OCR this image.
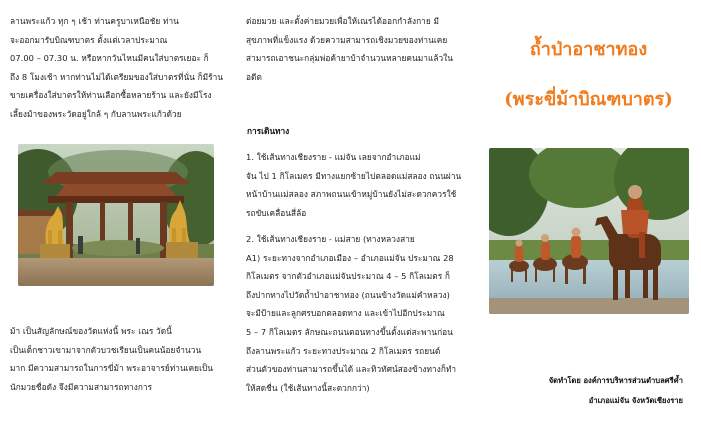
ลานพระแก้ว ทุก ๆ เช้า ท่านครูบาเหนือชัย ท่าน
จะออกมารับบิณฑบาตร ตั้งแต่เวลาประมาณ
07.00 – 07.30 น. หรือหากวันไหนมีคนใส่บาตรเยอะ ก็
ถึง 8 โมงเช้า หากท่านไม่ได้เตรียมของใส่บาตรที่นั่น ก็มีร้าน
ขายเครื่องใส่บาตรให้ท่านเลือกซื้อหลายร้าน และยังมีโรง
เลี้ยงม้าของพระวัดอยู่ใกล้ ๆ กับลานพระแก้วด้วย
ม้า เป็นสัญลักษณ์ของวัดแห่งนี้ พระ เณร วัดนี้
เป็นเด็กชาวเขามาจากตัวบวชเรียนเป็นคนน้อยจำนวน
มาก มีความสามารถในการขี่ม้า พระอาจารย์ท่านเคยเป็น
นักมวยชื่อดัง จึงมีความสามารถทางการ
ต่อยมวย และตั้งค่ายมวยเพื่อให้เณรได้ออกกำลังกาย มี
สุขภาพที่แข็งแรง ด้วยความสามารถเชิงมวยของท่านเคย
สามารถเอาชนะกลุ่มพ่อค้ายาบ้าจำนวนหลายคนมาแล้วใน
อดีต
การเดินทาง
1. ใช้เส้นทางเชียงราย - แม่จัน เลยจากอำเภอแม่
จัน ไป 1 กิโลเมตร มีทางแยกซ้ายไปตลอดแม่สลอง ถนนผ่าน
หน้าบ้านแม่สลอง สภาพถนนเข้าหมู่บ้านยังไม่สะดวกควรใช้
รถขับเคลื่อนสี่ล้อ
2. ใช้เส้นทางเชียงราย - แม่สาย (ทางหลวงสาย
A1) ระยะทางจากอำเภอเมือง – อำเภอแม่จัน ประมาณ 28
กิโลเมตร จากตัวอำเภอแม่จันประมาณ 4 – 5 กิโลเมตร ก็
ถึงปากทางไปวัดถ้ำป่าอาชาทอง (ถนนข้างวัดแม่คำหลวง)
จะมีป้ายและลูกศรบอกตลอดทาง และเข้าไปอีกประมาณ
5 – 7 กิโลเมตร ลักษณะถนนตอนทางขึ้นตั้งแต่สะพานก่อน
ถึงลานพระแก้ว ระยะทางประมาณ 2 กิโลเมตร รถยนต์
ส่วนตัวของท่านสามารถขึ้นได้ และทิวทัศน์สองข้างทางก็ทำ
ให้สดชื่น (ใช้เส้นทางนี้สะดวกกว่า)
ถ้ำป่าอาชาทอง
(พระขี่ม้าบิณฑบาตร)
จัดทำโดย องค์การบริหารส่วนตำบลศรีค้ำ
อำเภอแม่จัน จังหวัดเชียงราย
